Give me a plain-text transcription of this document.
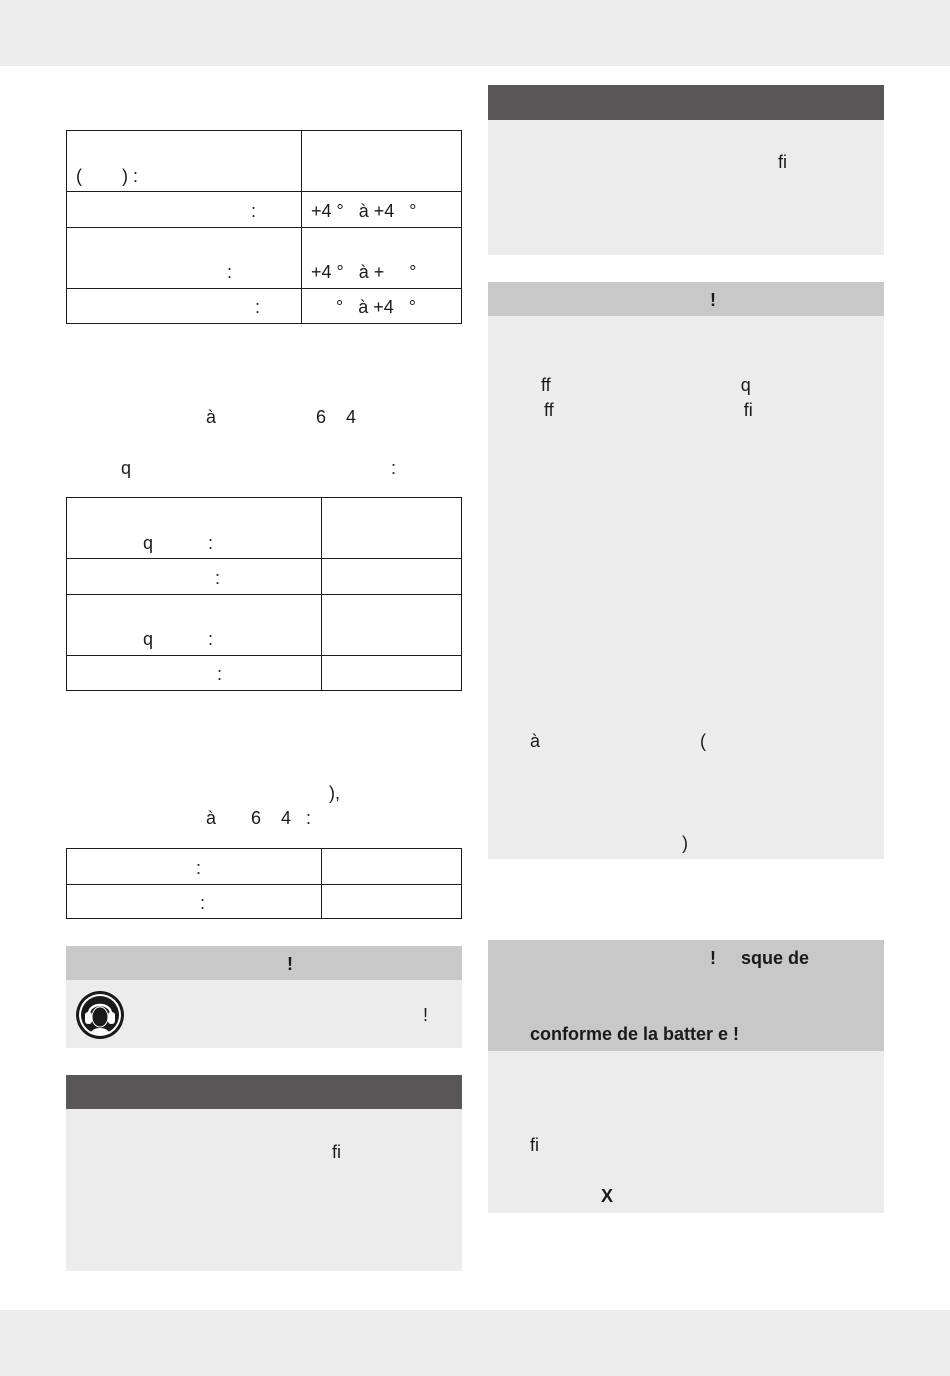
(        ) :	

:	+4 °   à +4   °

:	+4 °   à +     °

:	°   à +4   °
à                    6    4
q                                                    :
q           :	

:	

q           :	

:	

),
à       6    4   :
:	

:	

!
!
fi
fi
!
ff                                      q
ff                                      fi
à                                (
)
!     sque de
conforme de la batter e !
fi
X
